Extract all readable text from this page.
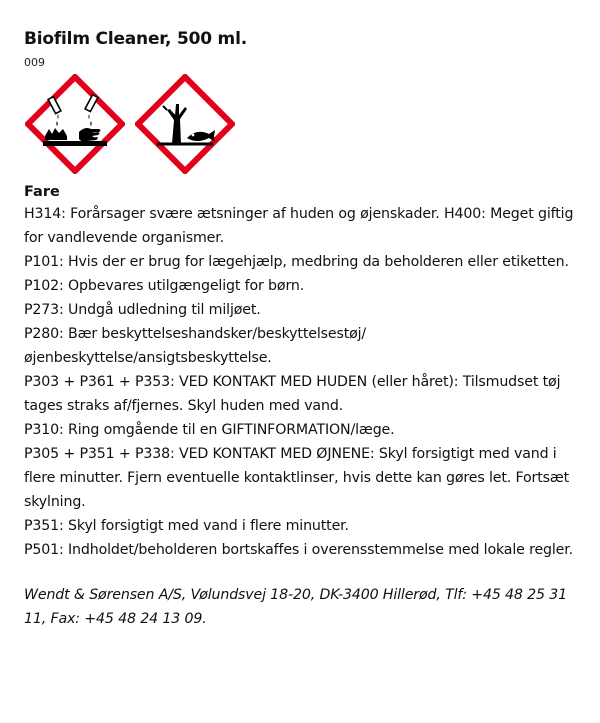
Biofilm Cleaner, 500 ml.
009
Fare

H314: Forårsager svære ætsninger af huden og øjenskader. H400: Meget giftig for vandlevende organismer.

P101: Hvis der er brug for lægehjælp, medbring da beholderen eller etiketten.

P102: Opbevares utilgængeligt for børn.

P273: Undgå udledning til miljøet.

P280: Bær beskyttelseshandsker/beskyttelsestøj/ øjenbeskyttelse/ansigtsbeskyttelse.

P303 + P361 + P353: VED KONTAKT MED HUDEN (eller håret): Tilsmudset tøj tages straks af/fjernes. Skyl huden med vand.

P310: Ring omgående til en GIFTINFORMATION/læge.

P305 + P351 + P338: VED KONTAKT MED ØJNENE: Skyl forsigtigt med vand i flere minutter. Fjern eventuelle kontaktlinser, hvis dette kan gøres let. Fortsæt skylning.

P351: Skyl forsigtigt med vand i flere minutter.

P501: Indholdet/beholderen bortskaffes i overensstemmelse med lokale regler.

Wendt & Sørensen A/S, Vølundsvej 18-20, DK-3400 Hillerød, Tlf: +45 48 25 31 11, Fax: +45 48 24 13 09.
